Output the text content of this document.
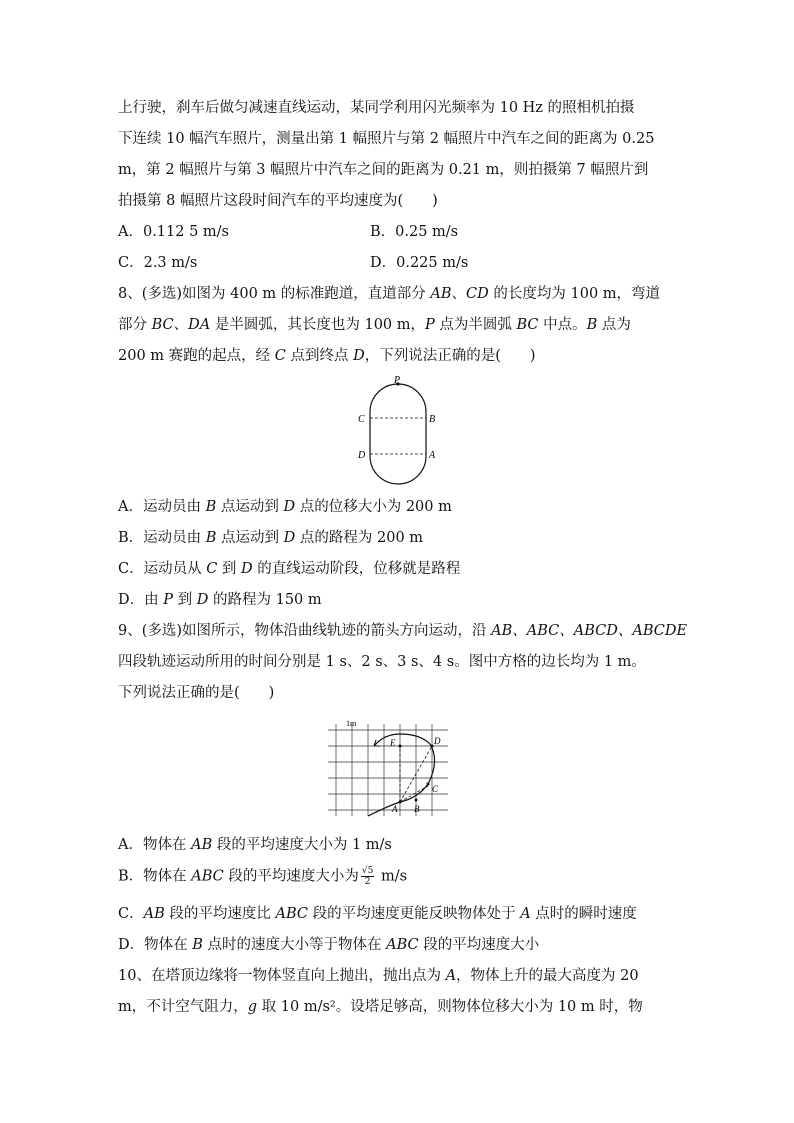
上行驶，刹车后做匀减速直线运动，某同学利用闪光频率为 10 Hz 的照相机拍摄
下连续 10 幅汽车照片，测量出第 1 幅照片与第 2 幅照片中汽车之间的距离为 0.25
m，第 2 幅照片与第 3 幅照片中汽车之间的距离为 0.21 m，则拍摄第 7 幅照片到
拍摄第 8 幅照片这段时间汽车的平均速度为(　　)
A．0.112 5 m/s	B．0.25 m/s
C．2.3 m/s	D．0.225 m/s
8、(多选)如图为 400 m 的标准跑道，直道部分 AB、CD 的长度均为 100 m，弯道
部分 BC、DA 是半圆弧，其长度也为 100 m，P 点为半圆弧 BC 中点。B 点为
200 m 赛跑的起点，经 C 点到终点 D，下列说法正确的是(　　)
P
C	B
D	A
A．运动员由 B 点运动到 D 点的位移大小为 200 m
B．运动员由 B 点运动到 D 点的路程为 200 m
C．运动员从 C 到 D 的直线运动阶段，位移就是路程
D．由 P 到 D 的路程为 150 m
9、(多选)如图所示，物体沿曲线轨迹的箭头方向运动，沿 AB、ABC、ABCD、ABCDE
四段轨迹运动所用的时间分别是 1 s、2 s、3 s、4 s。图中方格的边长均为 1 m。
下列说法正确的是(　　)
1m
E	D
C
A B
A．物体在 AB 段的平均速度大小为 1 m/s
B．物体在 ABC 段的平均速度大小为 $\frac{√5}{2} m/s$
C．AB 段的平均速度比 ABC 段的平均速度更能反映物体处于 A 点时的瞬时速度
D．物体在 B 点时的速度大小等于物体在 ABC 段的平均速度大小
10、在塔顶边缘将一物体竖直向上抛出，抛出点为 A，物体上升的最大高度为 20
m，不计空气阻力，g 取 10 m/s²。设塔足够高，则物体位移大小为 10 m 时，物
